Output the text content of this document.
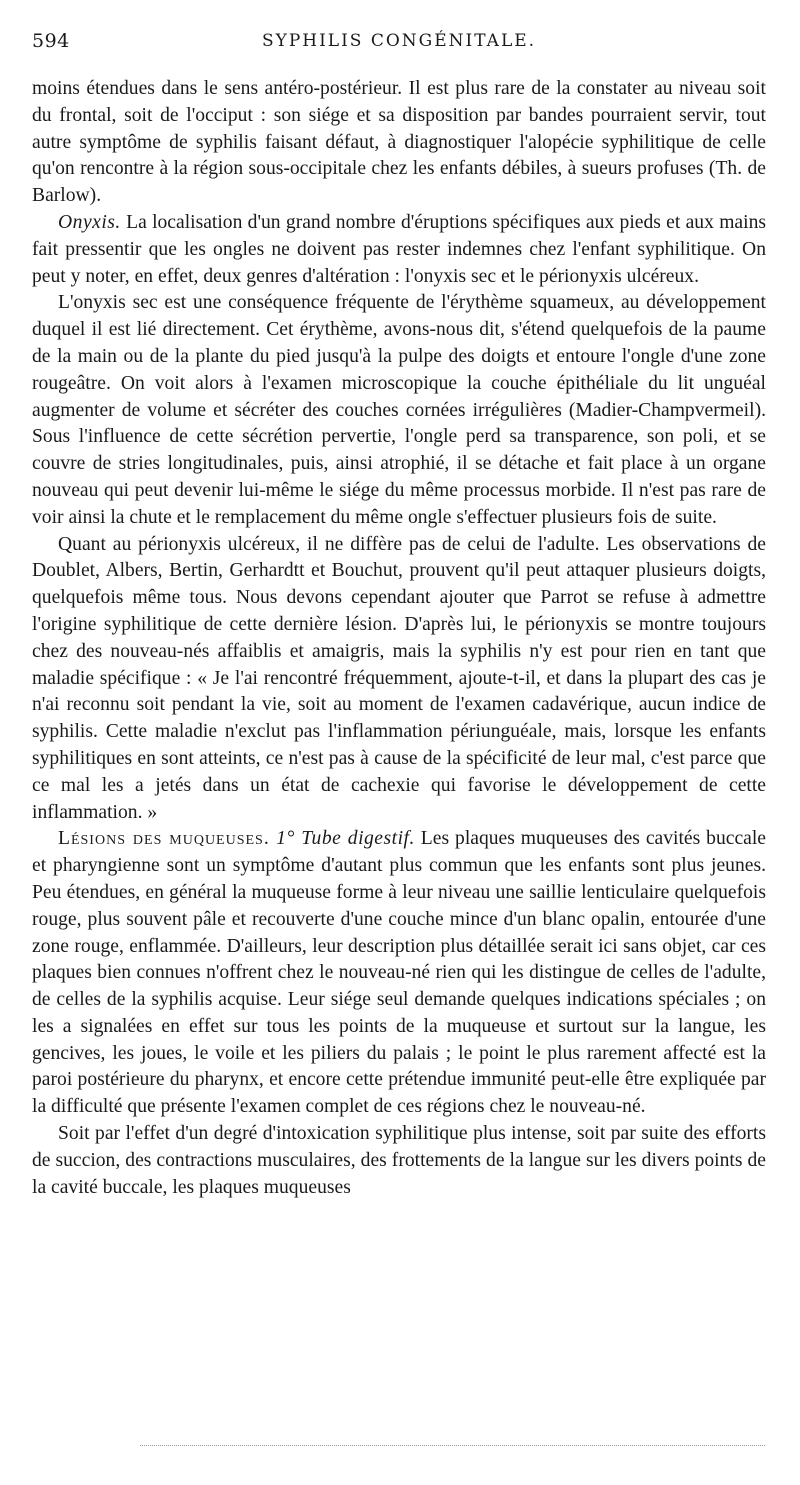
594	SYPHILIS CONGÉNITALE.

moins étendues dans le sens antéro-postérieur. Il est plus rare de la constater au niveau soit du frontal, soit de l'occiput : son siége et sa disposition par bandes pourraient servir, tout autre symptôme de syphilis faisant défaut, à diagnostiquer l'alopécie syphilitique de celle qu'on rencontre à la région sous-occipitale chez les enfants débiles, à sueurs profuses (Th. de Barlow).

Onyxis. La localisation d'un grand nombre d'éruptions spécifiques aux pieds et aux mains fait pressentir que les ongles ne doivent pas rester indemnes chez l'enfant syphilitique. On peut y noter, en effet, deux genres d'altération : l'onyxis sec et le périonyxis ulcéreux.

L'onyxis sec est une conséquence fréquente de l'érythème squameux, au développement duquel il est lié directement. Cet érythème, avons-nous dit, s'étend quelquefois de la paume de la main ou de la plante du pied jusqu'à la pulpe des doigts et entoure l'ongle d'une zone rougeâtre. On voit alors à l'examen microscopique la couche épithéliale du lit unguéal augmenter de volume et sécréter des couches cornées irrégulières (Madier-Champvermeil). Sous l'influence de cette sécrétion pervertie, l'ongle perd sa transparence, son poli, et se couvre de stries longitudinales, puis, ainsi atrophié, il se détache et fait place à un organe nouveau qui peut devenir lui-même le siége du même processus morbide. Il n'est pas rare de voir ainsi la chute et le remplacement du même ongle s'effectuer plusieurs fois de suite.

Quant au périonyxis ulcéreux, il ne diffère pas de celui de l'adulte. Les observations de Doublet, Albers, Bertin, Gerhardtt et Bouchut, prouvent qu'il peut attaquer plusieurs doigts, quelquefois même tous. Nous devons cependant ajouter que Parrot se refuse à admettre l'origine syphilitique de cette dernière lésion. D'après lui, le périonyxis se montre toujours chez des nouveau-nés affaiblis et amaigris, mais la syphilis n'y est pour rien en tant que maladie spécifique : « Je l'ai rencontré fréquemment, ajoute-t-il, et dans la plupart des cas je n'ai reconnu soit pendant la vie, soit au moment de l'examen cadavérique, aucun indice de syphilis. Cette maladie n'exclut pas l'inflammation périunguéale, mais, lorsque les enfants syphilitiques en sont atteints, ce n'est pas à cause de la spécificité de leur mal, c'est parce que ce mal les a jetés dans un état de cachexie qui favorise le développement de cette inflammation. »

Lésions des muqueuses. 1° Tube digestif. Les plaques muqueuses des cavités buccale et pharyngienne sont un symptôme d'autant plus commun que les enfants sont plus jeunes. Peu étendues, en général la muqueuse forme à leur niveau une saillie lenticulaire quelquefois rouge, plus souvent pâle et recouverte d'une couche mince d'un blanc opalin, entourée d'une zone rouge, enflammée. D'ailleurs, leur description plus détaillée serait ici sans objet, car ces plaques bien connues n'offrent chez le nouveau-né rien qui les distingue de celles de l'adulte, de celles de la syphilis acquise. Leur siége seul demande quelques indications spéciales ; on les a signalées en effet sur tous les points de la muqueuse et surtout sur la langue, les gencives, les joues, le voile et les piliers du palais ; le point le plus rarement affecté est la paroi postérieure du pharynx, et encore cette prétendue immunité peut-elle être expliquée par la difficulté que présente l'examen complet de ces régions chez le nouveau-né.

Soit par l'effet d'un degré d'intoxication syphilitique plus intense, soit par suite des efforts de succion, des contractions musculaires, des frottements de la langue sur les divers points de la cavité buccale, les plaques muqueuses
